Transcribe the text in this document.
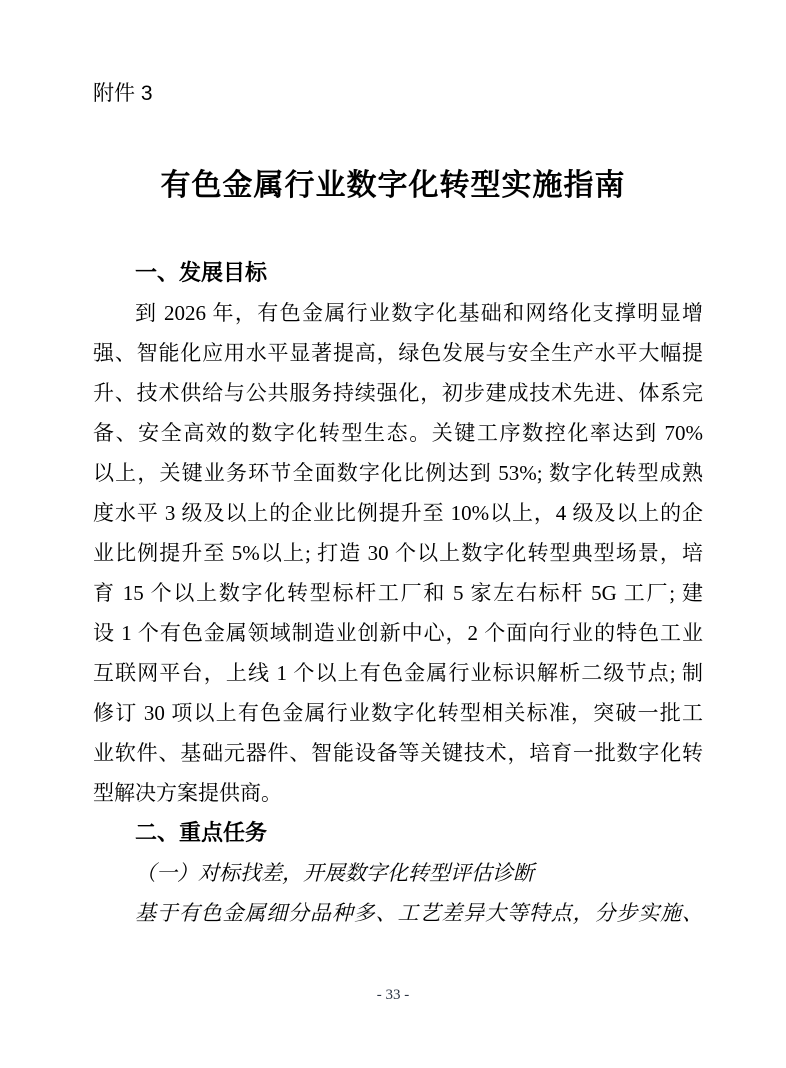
附件 3
有色金属行业数字化转型实施指南
一、发展目标
到 2026 年，有色金属行业数字化基础和网络化支撑明显增
强、智能化应用水平显著提高，绿色发展与安全生产水平大幅提
升、技术供给与公共服务持续强化，初步建成技术先进、体系完
备、安全高效的数字化转型生态。关键工序数控化率达到 70%
以上，关键业务环节全面数字化比例达到 53%; 数字化转型成熟
度水平 3 级及以上的企业比例提升至 10%以上，4 级及以上的企
业比例提升至 5%以上; 打造 30 个以上数字化转型典型场景，培
育 15 个以上数字化转型标杆工厂和 5 家左右标杆 5G 工厂; 建
设 1 个有色金属领域制造业创新中心，2 个面向行业的特色工业
互联网平台，上线 1 个以上有色金属行业标识解析二级节点; 制
修订 30 项以上有色金属行业数字化转型相关标准，突破一批工
业软件、基础元器件、智能设备等关键技术，培育一批数字化转
型解决方案提供商。
二、重点任务
（一）对标找差，开展数字化转型评估诊断
基于有色金属细分品种多、工艺差异大等特点，分步实施、
- 33 -
